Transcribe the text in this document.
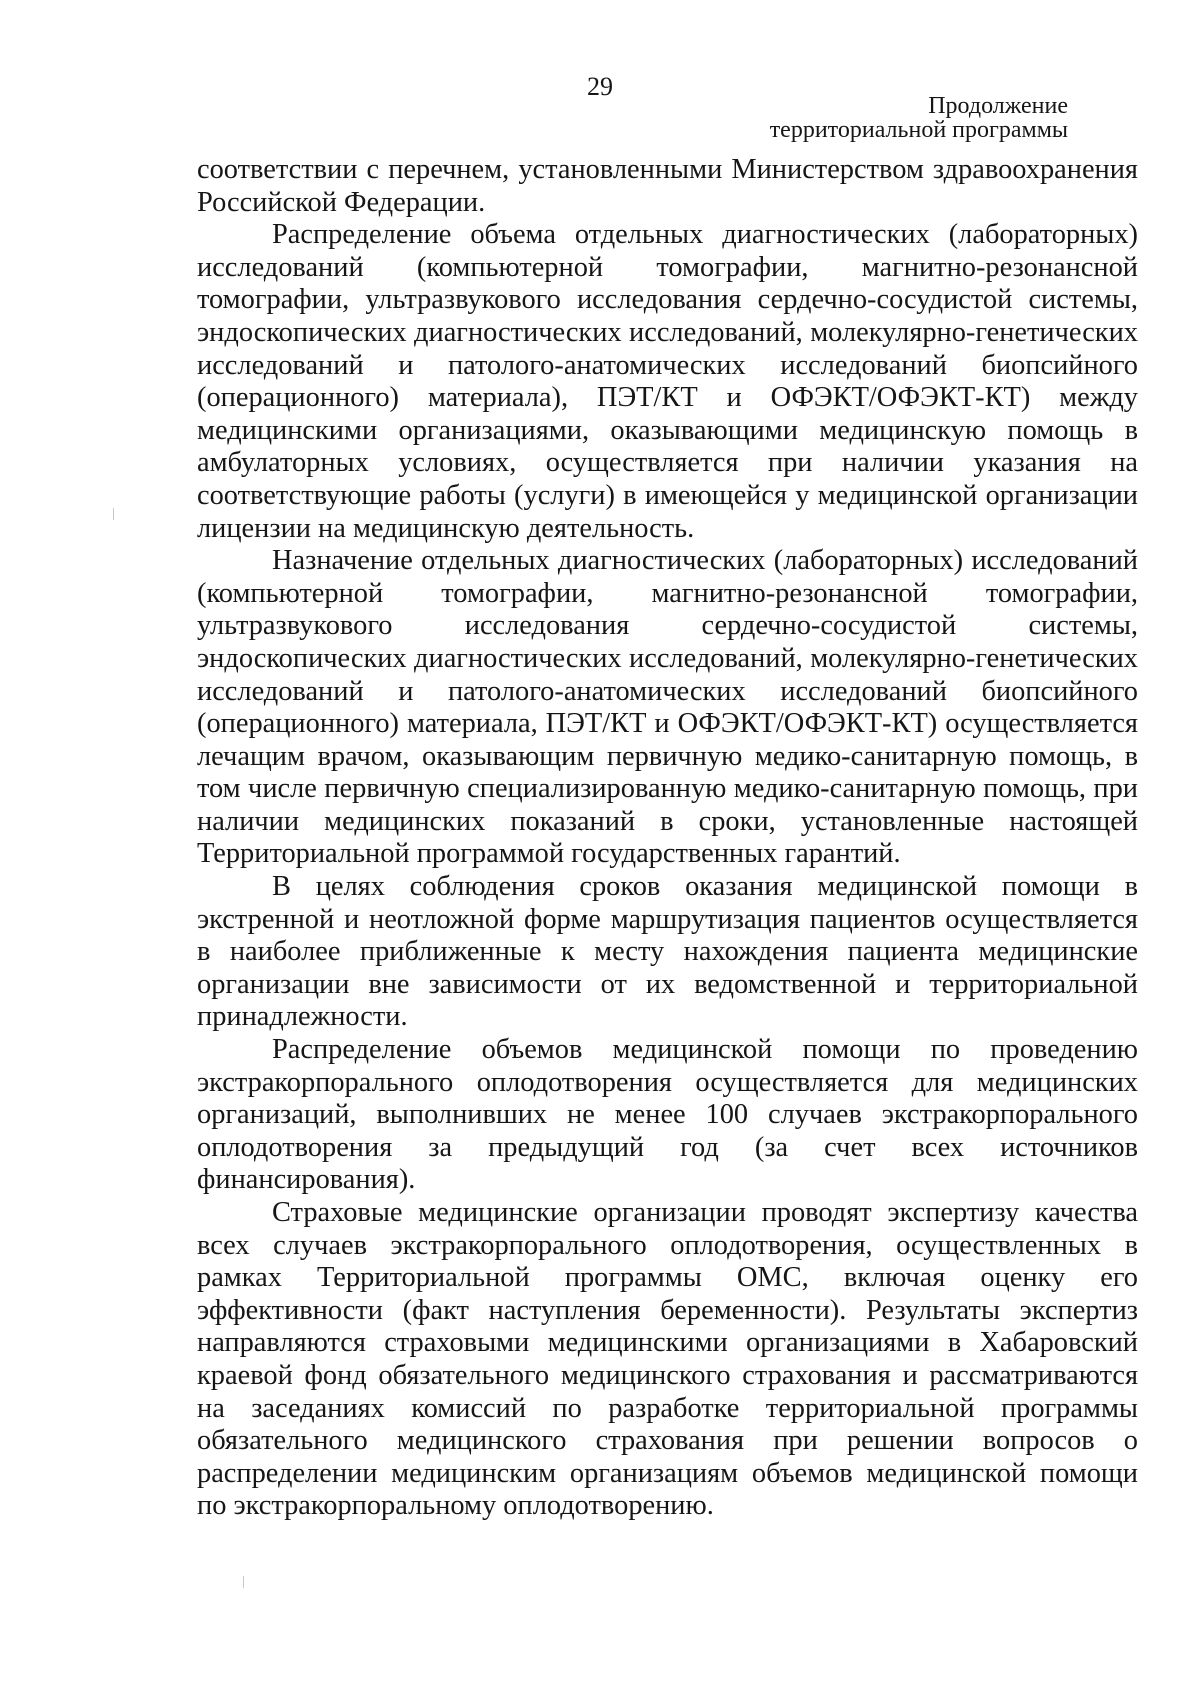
29
Продолжение
территориальной программы

соответствии с перечнем, установленными Министерством здравоохранения Российской Федерации.

Распределение объема отдельных диагностических (лабораторных) исследований (компьютерной томографии, магнитно-резонансной томографии, ультразвукового исследования сердечно-сосудистой системы, эндоскопических диагностических исследований, молекулярно-генетических исследований и патолого-анатомических исследований биопсийного (операционного) материала), ПЭТ/КТ и ОФЭКТ/ОФЭКТ-КТ) между медицинскими организациями, оказывающими медицинскую помощь в амбулаторных условиях, осуществляется при наличии указания на соответствующие работы (услуги) в имеющейся у медицинской организации лицензии на медицинскую деятельность.

Назначение отдельных диагностических (лабораторных) исследований (компьютерной томографии, магнитно-резонансной томографии, ультразвукового исследования сердечно-сосудистой системы, эндоскопических диагностических исследований, молекулярно-генетических исследований и патолого-анатомических исследований биопсийного (операционного) материала, ПЭТ/КТ и ОФЭКТ/ОФЭКТ-КТ) осуществляется лечащим врачом, оказывающим первичную медико-санитарную помощь, в том числе первичную специализированную медико-санитарную помощь, при наличии медицинских показаний в сроки, установленные настоящей Территориальной программой государственных гарантий.

В целях соблюдения сроков оказания медицинской помощи в экстренной и неотложной форме маршрутизация пациентов осуществляется в наиболее приближенные к месту нахождения пациента медицинские организации вне зависимости от их ведомственной и территориальной принадлежности.

Распределение объемов медицинской помощи по проведению экстракорпорального оплодотворения осуществляется для медицинских организаций, выполнивших не менее 100 случаев экстракорпорального оплодотворения за предыдущий год (за счет всех источников финансирования).

Страховые медицинские организации проводят экспертизу качества всех случаев экстракорпорального оплодотворения, осуществленных в рамках Территориальной программы ОМС, включая оценку его эффективности (факт наступления беременности). Результаты экспертиз направляются страховыми медицинскими организациями в Хабаровский краевой фонд обязательного медицинского страхования и рассматриваются на заседаниях комиссий по разработке территориальной программы обязательного медицинского страхования при решении вопросов о распределении медицинским организациям объемов медицинской помощи по экстракорпоральному оплодотворению.
